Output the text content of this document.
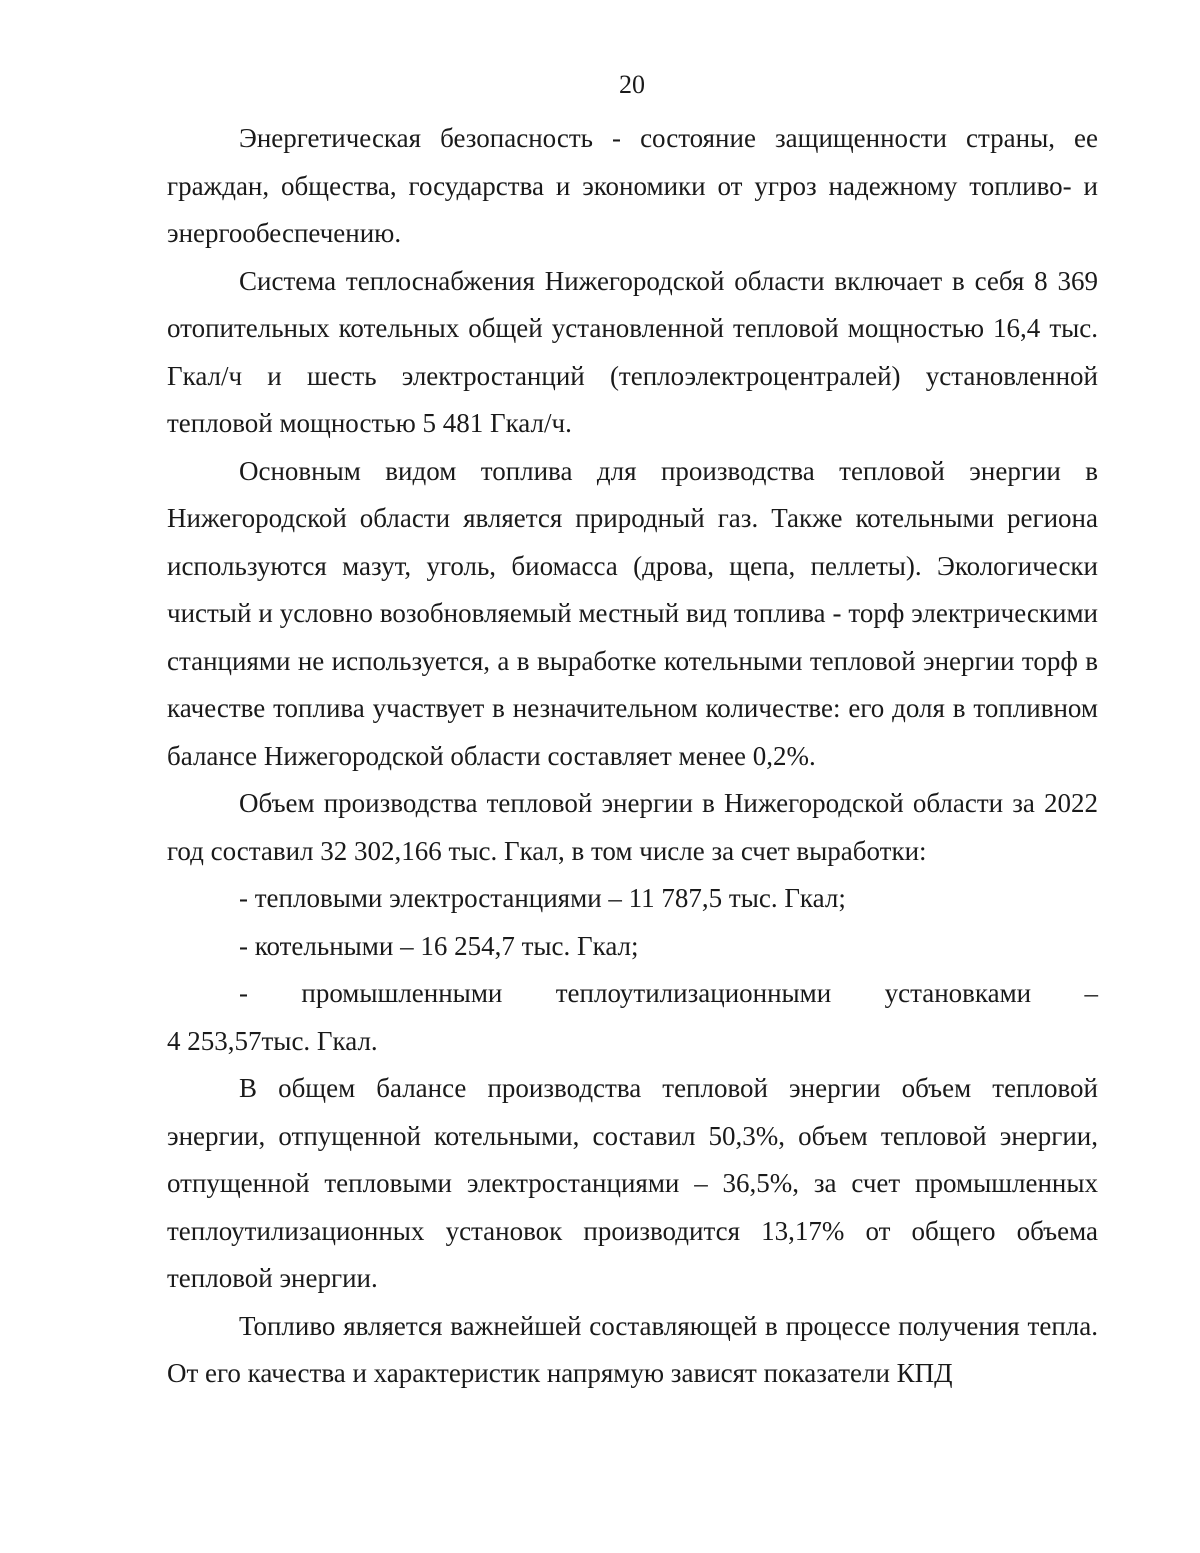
20

Энергетическая безопасность - состояние защищенности страны, ее граждан, общества, государства и экономики от угроз надежному топливо- и энергообеспечению.

Система теплоснабжения Нижегородской области включает в себя 8 369 отопительных котельных общей установленной тепловой мощностью 16,4 тыс. Гкал/ч и шесть электростанций (теплоэлектроцентралей) установленной тепловой мощностью 5 481 Гкал/ч.

Основным видом топлива для производства тепловой энергии в Нижегородской области является природный газ. Также котельными региона используются мазут, уголь, биомасса (дрова, щепа, пеллеты). Экологически чистый и условно возобновляемый местный вид топлива - торф электрическими станциями не используется, а в выработке котельными тепловой энергии торф в качестве топлива участвует в незначительном количестве: его доля в топливном балансе Нижегородской области составляет менее 0,2%.

Объем производства тепловой энергии в Нижегородской области за 2022 год составил 32 302,166 тыс. Гкал, в том числе за счет выработки:

- тепловыми электростанциями – 11 787,5 тыс. Гкал;

- котельными – 16 254,7 тыс. Гкал;

- промышленными теплоутилизационными установками –

4 253,57тыс. Гкал.

В общем балансе производства тепловой энергии объем тепловой энергии, отпущенной котельными, составил 50,3%, объем тепловой энергии, отпущенной тепловыми электростанциями – 36,5%, за счет промышленных теплоутилизационных установок производится 13,17% от общего объема тепловой энергии.

Топливо является важнейшей составляющей в процессе получения тепла. От его качества и характеристик напрямую зависят показатели КПД
